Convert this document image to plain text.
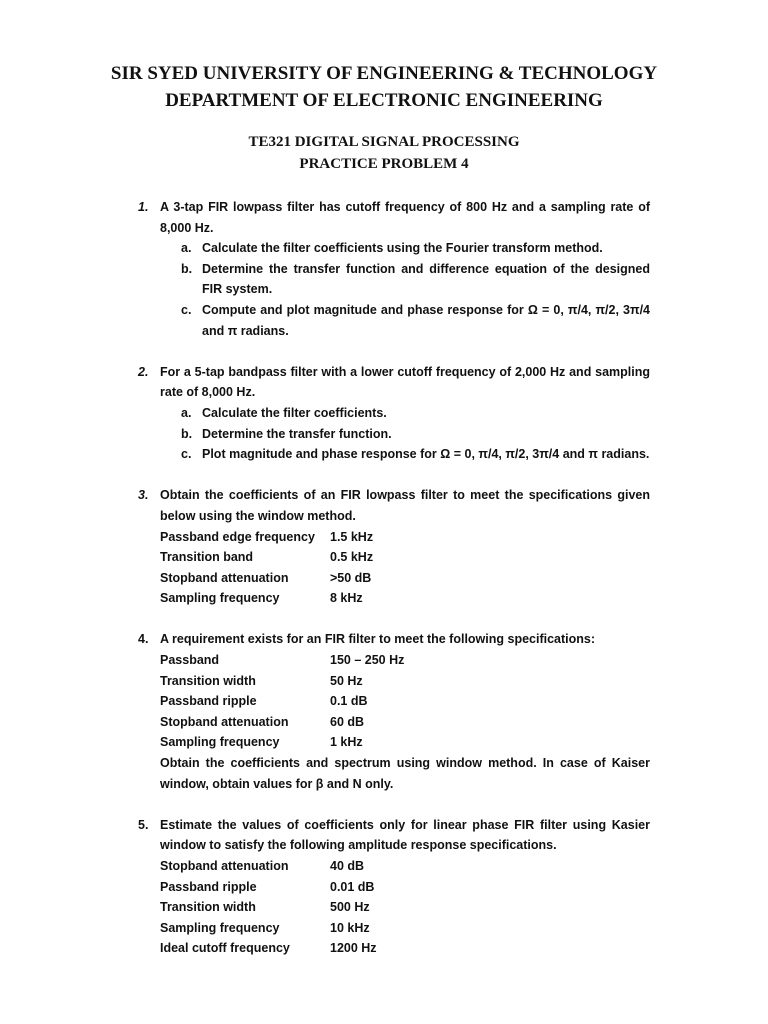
SIR SYED UNIVERSITY OF ENGINEERING & TECHNOLOGY
DEPARTMENT OF ELECTRONIC ENGINEERING
TE321 DIGITAL SIGNAL PROCESSING
PRACTICE PROBLEM 4
1. A 3-tap FIR lowpass filter has cutoff frequency of 800 Hz and a sampling rate of 8,000 Hz.
a. Calculate the filter coefficients using the Fourier transform method.
b. Determine the transfer function and difference equation of the designed FIR system.
c. Compute and plot magnitude and phase response for Ω = 0, π/4, π/2, 3π/4 and π radians.
2. For a 5-tap bandpass filter with a lower cutoff frequency of 2,000 Hz and sampling rate of 8,000 Hz.
a. Calculate the filter coefficients.
b. Determine the transfer function.
c. Plot magnitude and phase response for Ω = 0, π/4, π/2, 3π/4 and π radians.
3. Obtain the coefficients of an FIR lowpass filter to meet the specifications given below using the window method.
Passband edge frequency 1.5 kHz
Transition band	0.5 kHz
Stopband attenuation	>50 dB
Sampling frequency	8 kHz
4. A requirement exists for an FIR filter to meet the following specifications:
Passband	150 – 250 Hz
Transition width	50 Hz
Passband ripple	0.1 dB
Stopband attenuation	60 dB
Sampling frequency	1 kHz
Obtain the coefficients and spectrum using window method. In case of Kaiser window, obtain values for β and N only.
5. Estimate the values of coefficients only for linear phase FIR filter using Kasier window to satisfy the following amplitude response specifications.
Stopband attenuation	40 dB
Passband ripple	0.01 dB
Transition width	500 Hz
Sampling frequency	10 kHz
Ideal cutoff frequency	1200 Hz
